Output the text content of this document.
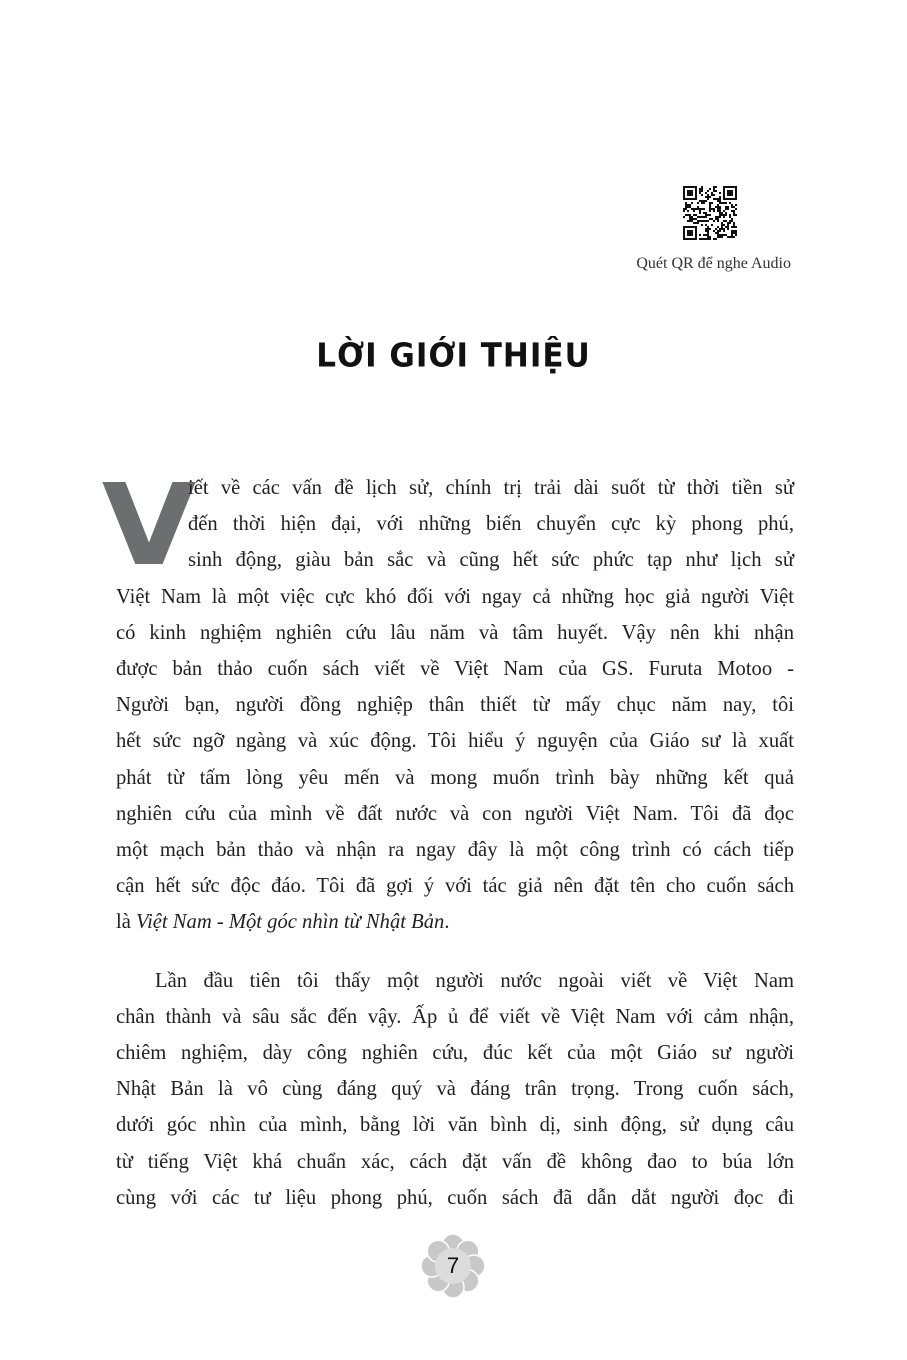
Quét QR để nghe Audio
LỜI GIỚI THIỆU
V

iết về các vấn đề lịch sử, chính trị trải dài suốt từ thời tiền sử

đến thời hiện đại, với những biến chuyển cực kỳ phong phú,

sinh động, giàu bản sắc và cũng hết sức phức tạp như lịch sử

Việt Nam là một việc cực khó đối với ngay cả những học giả người Việt

có kinh nghiệm nghiên cứu lâu năm và tâm huyết. Vậy nên khi nhận

được bản thảo cuốn sách viết về Việt Nam của GS. Furuta Motoo -

Người bạn, người đồng nghiệp thân thiết từ mấy chục năm nay, tôi

hết sức ngỡ ngàng và xúc động. Tôi hiểu ý nguyện của Giáo sư là xuất

phát từ tấm lòng yêu mến và mong muốn trình bày những kết quả

nghiên cứu của mình về đất nước và con người Việt Nam. Tôi đã đọc

một mạch bản thảo và nhận ra ngay đây là một công trình có cách tiếp

cận hết sức độc đáo. Tôi đã gợi ý với tác giả nên đặt tên cho cuốn sách

là Việt Nam - Một góc nhìn từ Nhật Bản.

Lần đầu tiên tôi thấy một người nước ngoài viết về Việt Nam

chân thành và sâu sắc đến vậy. Ấp ủ để viết về Việt Nam với cảm nhận,

chiêm nghiệm, dày công nghiên cứu, đúc kết của một Giáo sư người

Nhật Bản là vô cùng đáng quý và đáng trân trọng. Trong cuốn sách,

dưới góc nhìn của mình, bằng lời văn bình dị, sinh động, sử dụng câu

từ tiếng Việt khá chuẩn xác, cách đặt vấn đề không đao to búa lớn

cùng với các tư liệu phong phú, cuốn sách đã dẫn dắt người đọc đi

7
